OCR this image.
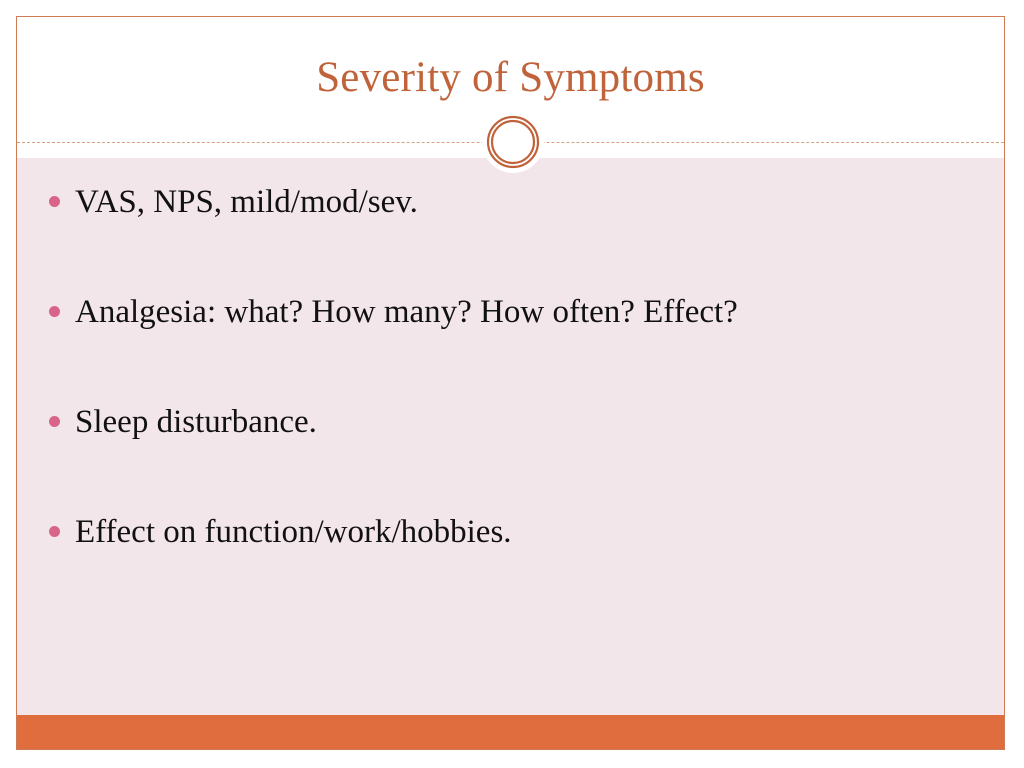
Severity of Symptoms
VAS, NPS, mild/mod/sev.
Analgesia: what? How many? How often? Effect?
Sleep disturbance.
Effect on function/work/hobbies.
